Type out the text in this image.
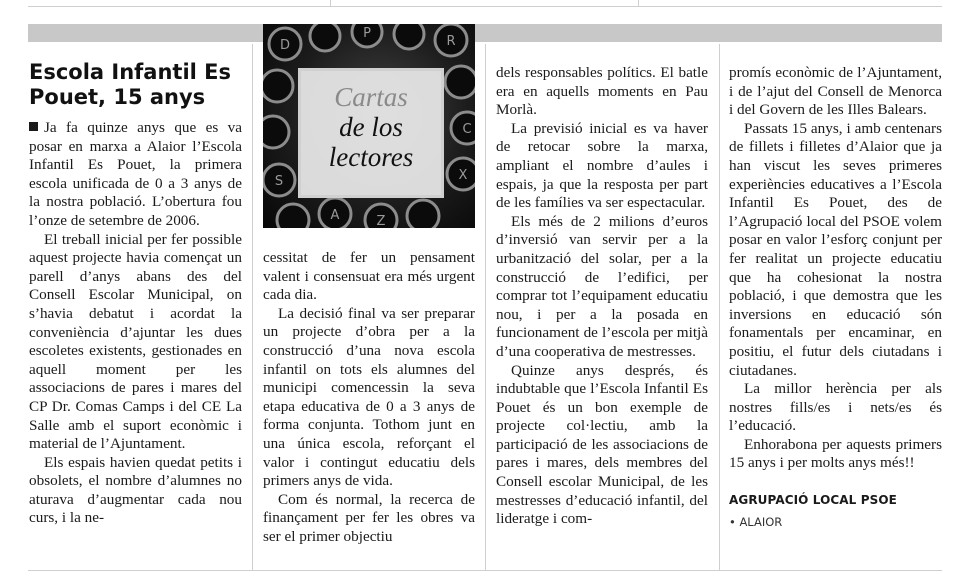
Escola Infantil Es Pouet, 15 anys
D
P
R
C
X
A	Z
S
Cartas
de los
lectores

Ja fa quinze anys que es va posar en marxa a Alaior l’Escola Infantil Es Pouet, la primera escola unificada de 0 a 3 anys de la nostra població. L’obertura fou l’onze de setembre de 2006.

El treball inicial per fer possible aquest projecte havia començat un parell d’anys abans des del Consell Escolar Municipal, on s’havia debatut i acordat la conveniència d’ajuntar les dues escoletes existents, gestionades en aquell moment per les associacions de pares i mares del CP Dr. Comas Camps i del CE La Salle amb el suport econòmic i material de l’Ajuntament.

Els espais havien quedat petits i obsolets, el nombre d’alumnes no aturava d’augmentar cada nou curs, i la ne-

cessitat de fer un pensament valent i consensuat era més urgent cada dia.

La decisió final va ser preparar un projecte d’obra per a la construcció d’una nova escola infantil on tots els alumnes del municipi comencessin la seva etapa educativa de 0 a 3 anys de forma conjunta. Tothom junt en una única escola, reforçant el valor i contingut educatiu dels primers anys de vida.

Com és normal, la recerca de finançament per fer les obres va ser el primer objectiu

dels responsables polítics. El batle era en aquells moments en Pau Morlà.

La previsió inicial es va haver de retocar sobre la marxa, ampliant el nombre d’aules i espais, ja que la resposta per part de les famílies va ser espectacular.

Els més de 2 milions d’euros d’inversió van servir per a la urbanització del solar, per a la construcció de l’edifici, per comprar tot l’equipament educatiu nou, i per a la posada en funcionament de l’escola per mitjà d’una cooperativa de mestresses.

Quinze anys després, és indubtable que l’Escola Infantil Es Pouet és un bon exemple de projecte col·lectiu, amb la participació de les associacions de pares i mares, dels membres del Consell escolar Municipal, de les mestresses d’educació infantil, del lideratge i com-

promís econòmic de l’Ajuntament, i de l’ajut del Consell de Menorca i del Govern de les Illes Balears.

Passats 15 anys, i amb centenars de fillets i filletes d’Alaior que ja han viscut les seves primeres experiències educatives a l’Escola Infantil Es Pouet, des de l’Agrupació local del PSOE volem posar en valor l’esforç conjunt per fer realitat un projecte educatiu que ha cohesionat la nostra població, i que demostra que les inversions en educació són fonamentals per encaminar, en positiu, el futur dels ciutadans i ciutadanes.

La millor herència per als nostres fills/es i nets/es és l’educació.

Enhorabona per aquests primers 15 anys i per molts anys més!!

AGRUPACIÓ LOCAL PSOE
• ALAIOR
